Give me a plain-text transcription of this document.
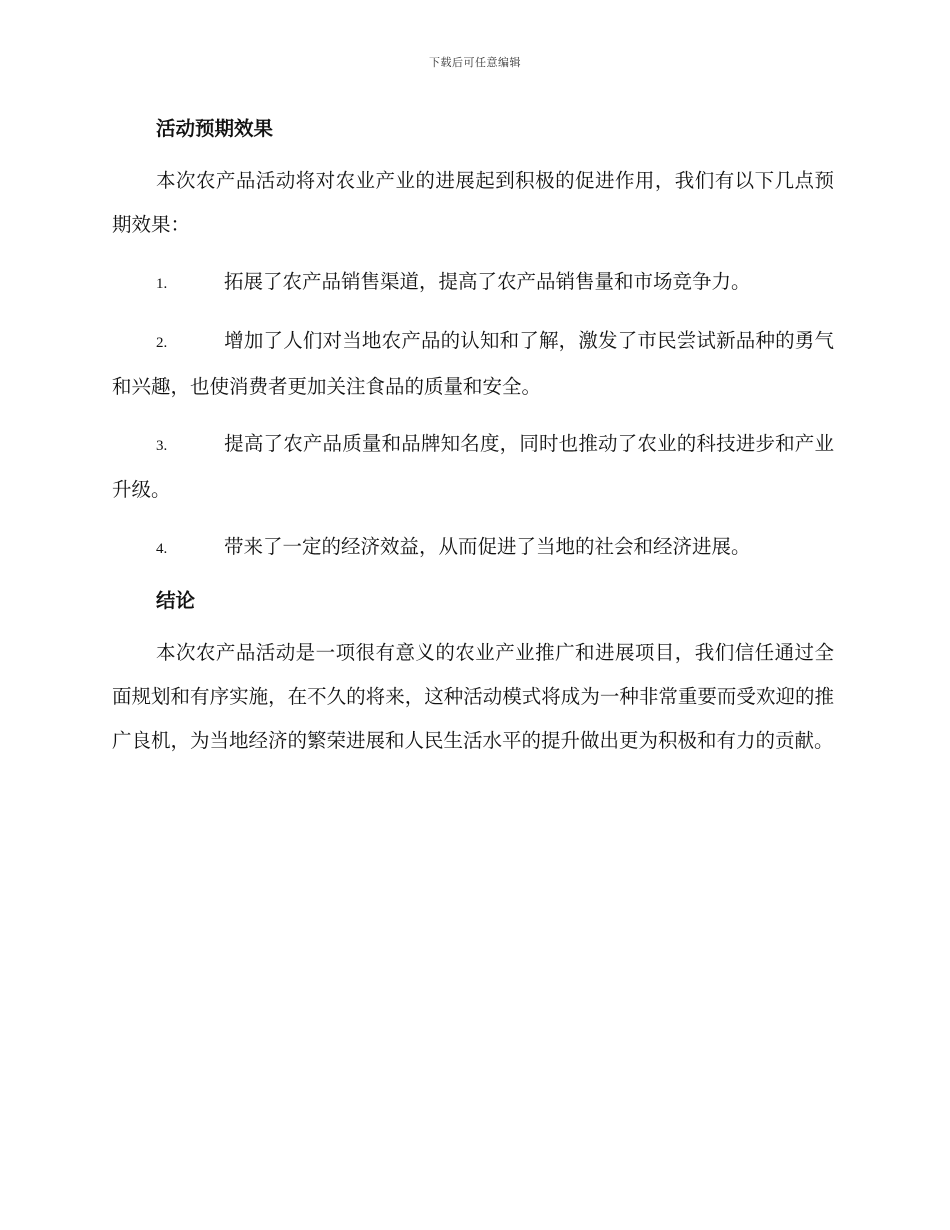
下载后可任意编辑
活动预期效果
本次农产品活动将对农业产业的进展起到积极的促进作用，我们有以下几点预期效果：
1.	拓展了农产品销售渠道，提高了农产品销售量和市场竞争力。
2.	增加了人们对当地农产品的认知和了解，激发了市民尝试新品种的勇气和兴趣，也使消费者更加关注食品的质量和安全。
3.	提高了农产品质量和品牌知名度，同时也推动了农业的科技进步和产业升级。
4.	带来了一定的经济效益，从而促进了当地的社会和经济进展。
结论
本次农产品活动是一项很有意义的农业产业推广和进展项目，我们信任通过全面规划和有序实施，在不久的将来，这种活动模式将成为一种非常重要而受欢迎的推广良机，为当地经济的繁荣进展和人民生活水平的提升做出更为积极和有力的贡献。
